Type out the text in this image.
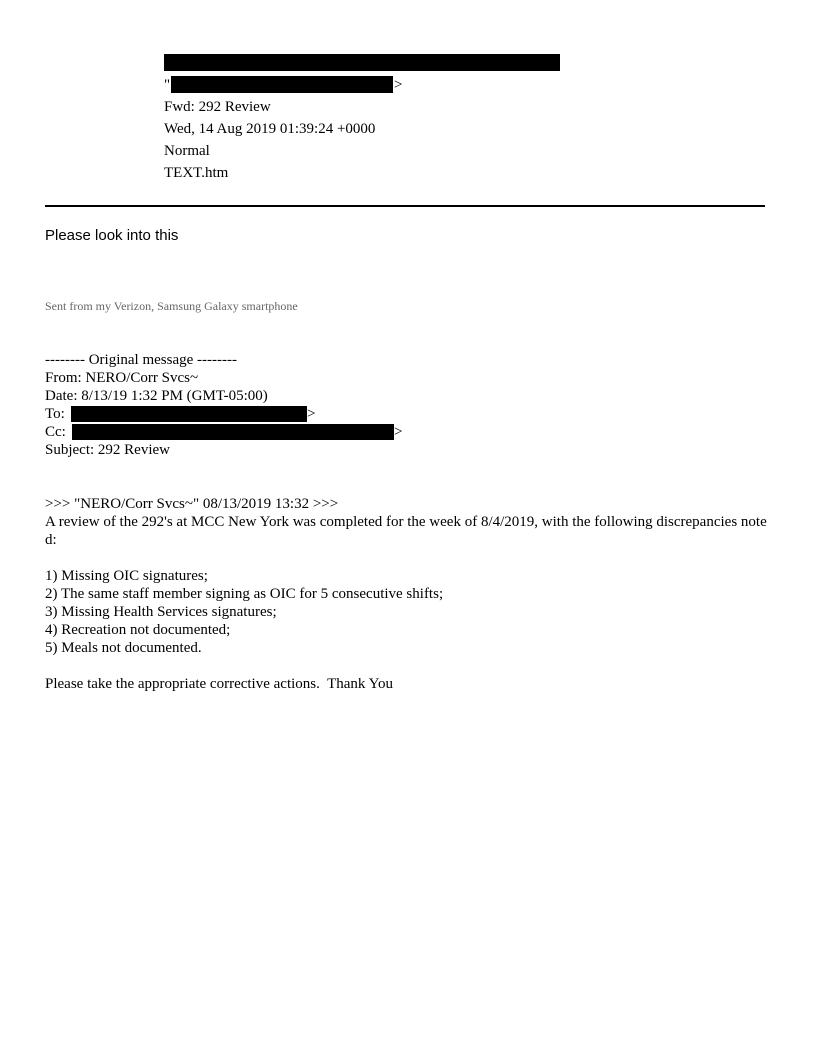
"	>
Fwd: 292 Review
Wed, 14 Aug 2019 01:39:24 +0000
Normal
TEXT.htm
Please look into this
Sent from my Verizon, Samsung Galaxy smartphone
-------- Original message --------
From: NERO/Corr Svcs~
Date: 8/13/19 1:32 PM (GMT-05:00)
To:	>
Cc:	>
Subject: 292 Review
>>> "NERO/Corr Svcs~" 08/13/2019 13:32 >>>
A review of the 292's at MCC New York was completed for the week of 8/4/2019, with the following discrepancies noted:
1) Missing OIC signatures;
2) The same staff member signing as OIC for 5 consecutive shifts;
3) Missing Health Services signatures;
4) Recreation not documented;
5) Meals not documented.
Please take the appropriate corrective actions.  Thank You
